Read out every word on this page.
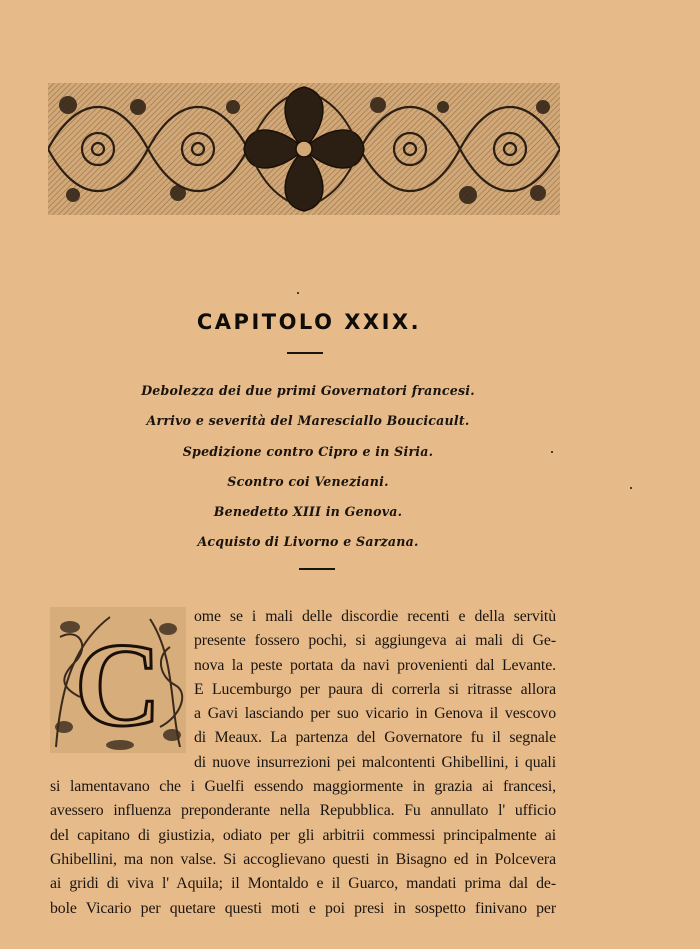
CAPITOLO XXIX.
Debolezza dei due primi Governatori francesi.
Arrivo e severità del Maresciallo Boucicault.
Spedizione contro Cipro e in Siria.
Scontro coi Veneziani.
Benedetto XIII in Genova.
Acquisto di Livorno e Sarzana.
C
ome se i mali delle discordie recenti e della servitù
presente fossero pochi, si aggiungeva ai mali di Ge-
nova la peste portata da navi provenienti dal Levante.
E Lucemburgo per paura di correrla si ritrasse allora
a Gavi lasciando per suo vicario in Genova il vescovo
di Meaux. La partenza del Governatore fu il segnale
di nuove insurrezioni pei malcontenti Ghibellini, i quali
si lamentavano che i Guelfi essendo maggiormente in grazia ai francesi,
avessero influenza preponderante nella Repubblica. Fu annullato l' ufficio
del capitano di giustizia, odiato per gli arbitrii commessi principalmente ai
Ghibellini, ma non valse. Si accoglievano questi in Bisagno ed in Polcevera
ai gridi di viva l' Aquila; il Montaldo e il Guarco, mandati prima dal de-
bole Vicario per quetare questi moti e poi presi in sospetto finivano per
